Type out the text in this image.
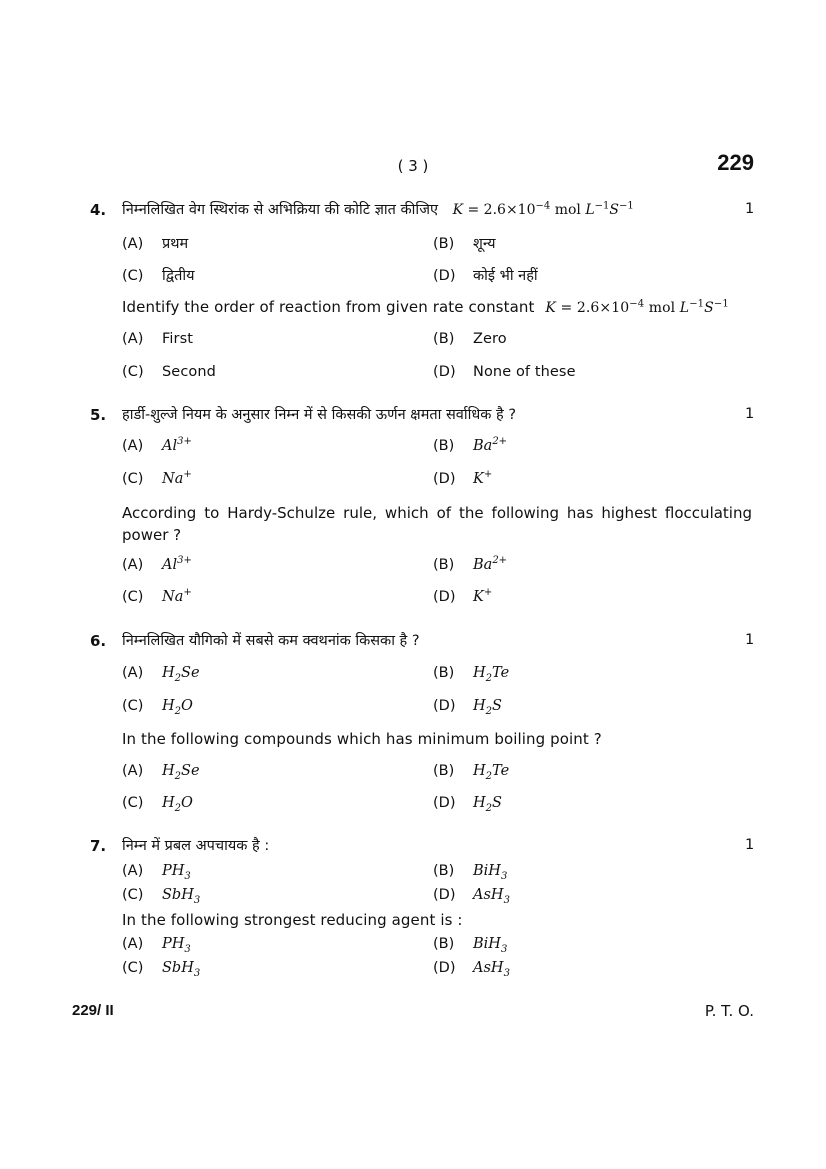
( 3 )	229
4. निम्नलिखित वेग स्थिरांक से अभिक्रिया की कोटि ज्ञात कीजिए $K = 2.6\times 10^{-4}$ mol $L^{-1}S^{-1}$	1
(A) प्रथम	(B) शून्य
(C) द्वितीय	(D) कोई भी नहीं
Identify the order of reaction from given rate constant $K = 2.6\times 10^{-4}$ mol $L^{-1}S^{-1}$
(A) First	(B) Zero
(C) Second	(D) None of these
5. हार्डी-शुल्जे नियम के अनुसार निम्न में से किसकी ऊर्णन क्षमता सर्वाधिक है ?	1
(A) $Al^{3+}$	(B) $Ba^{2+}$
(C) Na+	(D) K+
According to Hardy-Schulze rule, which of the following has highest flocculating power ?
(A) $Al^{3+}$	(B) $Ba^{2+}$
(C) Na+	(D) K+
6. निम्नलिखित यौगिको में सबसे कम क्वथनांक किसका है ?	1
(A) $H_2Se$	(B) $H_2Te$
(C) $H_2O$	(D) $H_2S$
In the following compounds which has minimum boiling point ?
(A) $H_2Se$	(B) $H_2Te$
(C) $H_2O$	(D) $H_2S$
7. निम्न में प्रबल अपचायक है :	1
(A) $PH_3$	(B) BiH$_3$
(C) SbH$_3$	(D) AsH$_3$
In the following strongest reducing agent is :
(A) $PH_3$	(B) BiH$_3$
(C) SbH$_3$	(D) AsH$_3$
229/ II	P. T. O.
